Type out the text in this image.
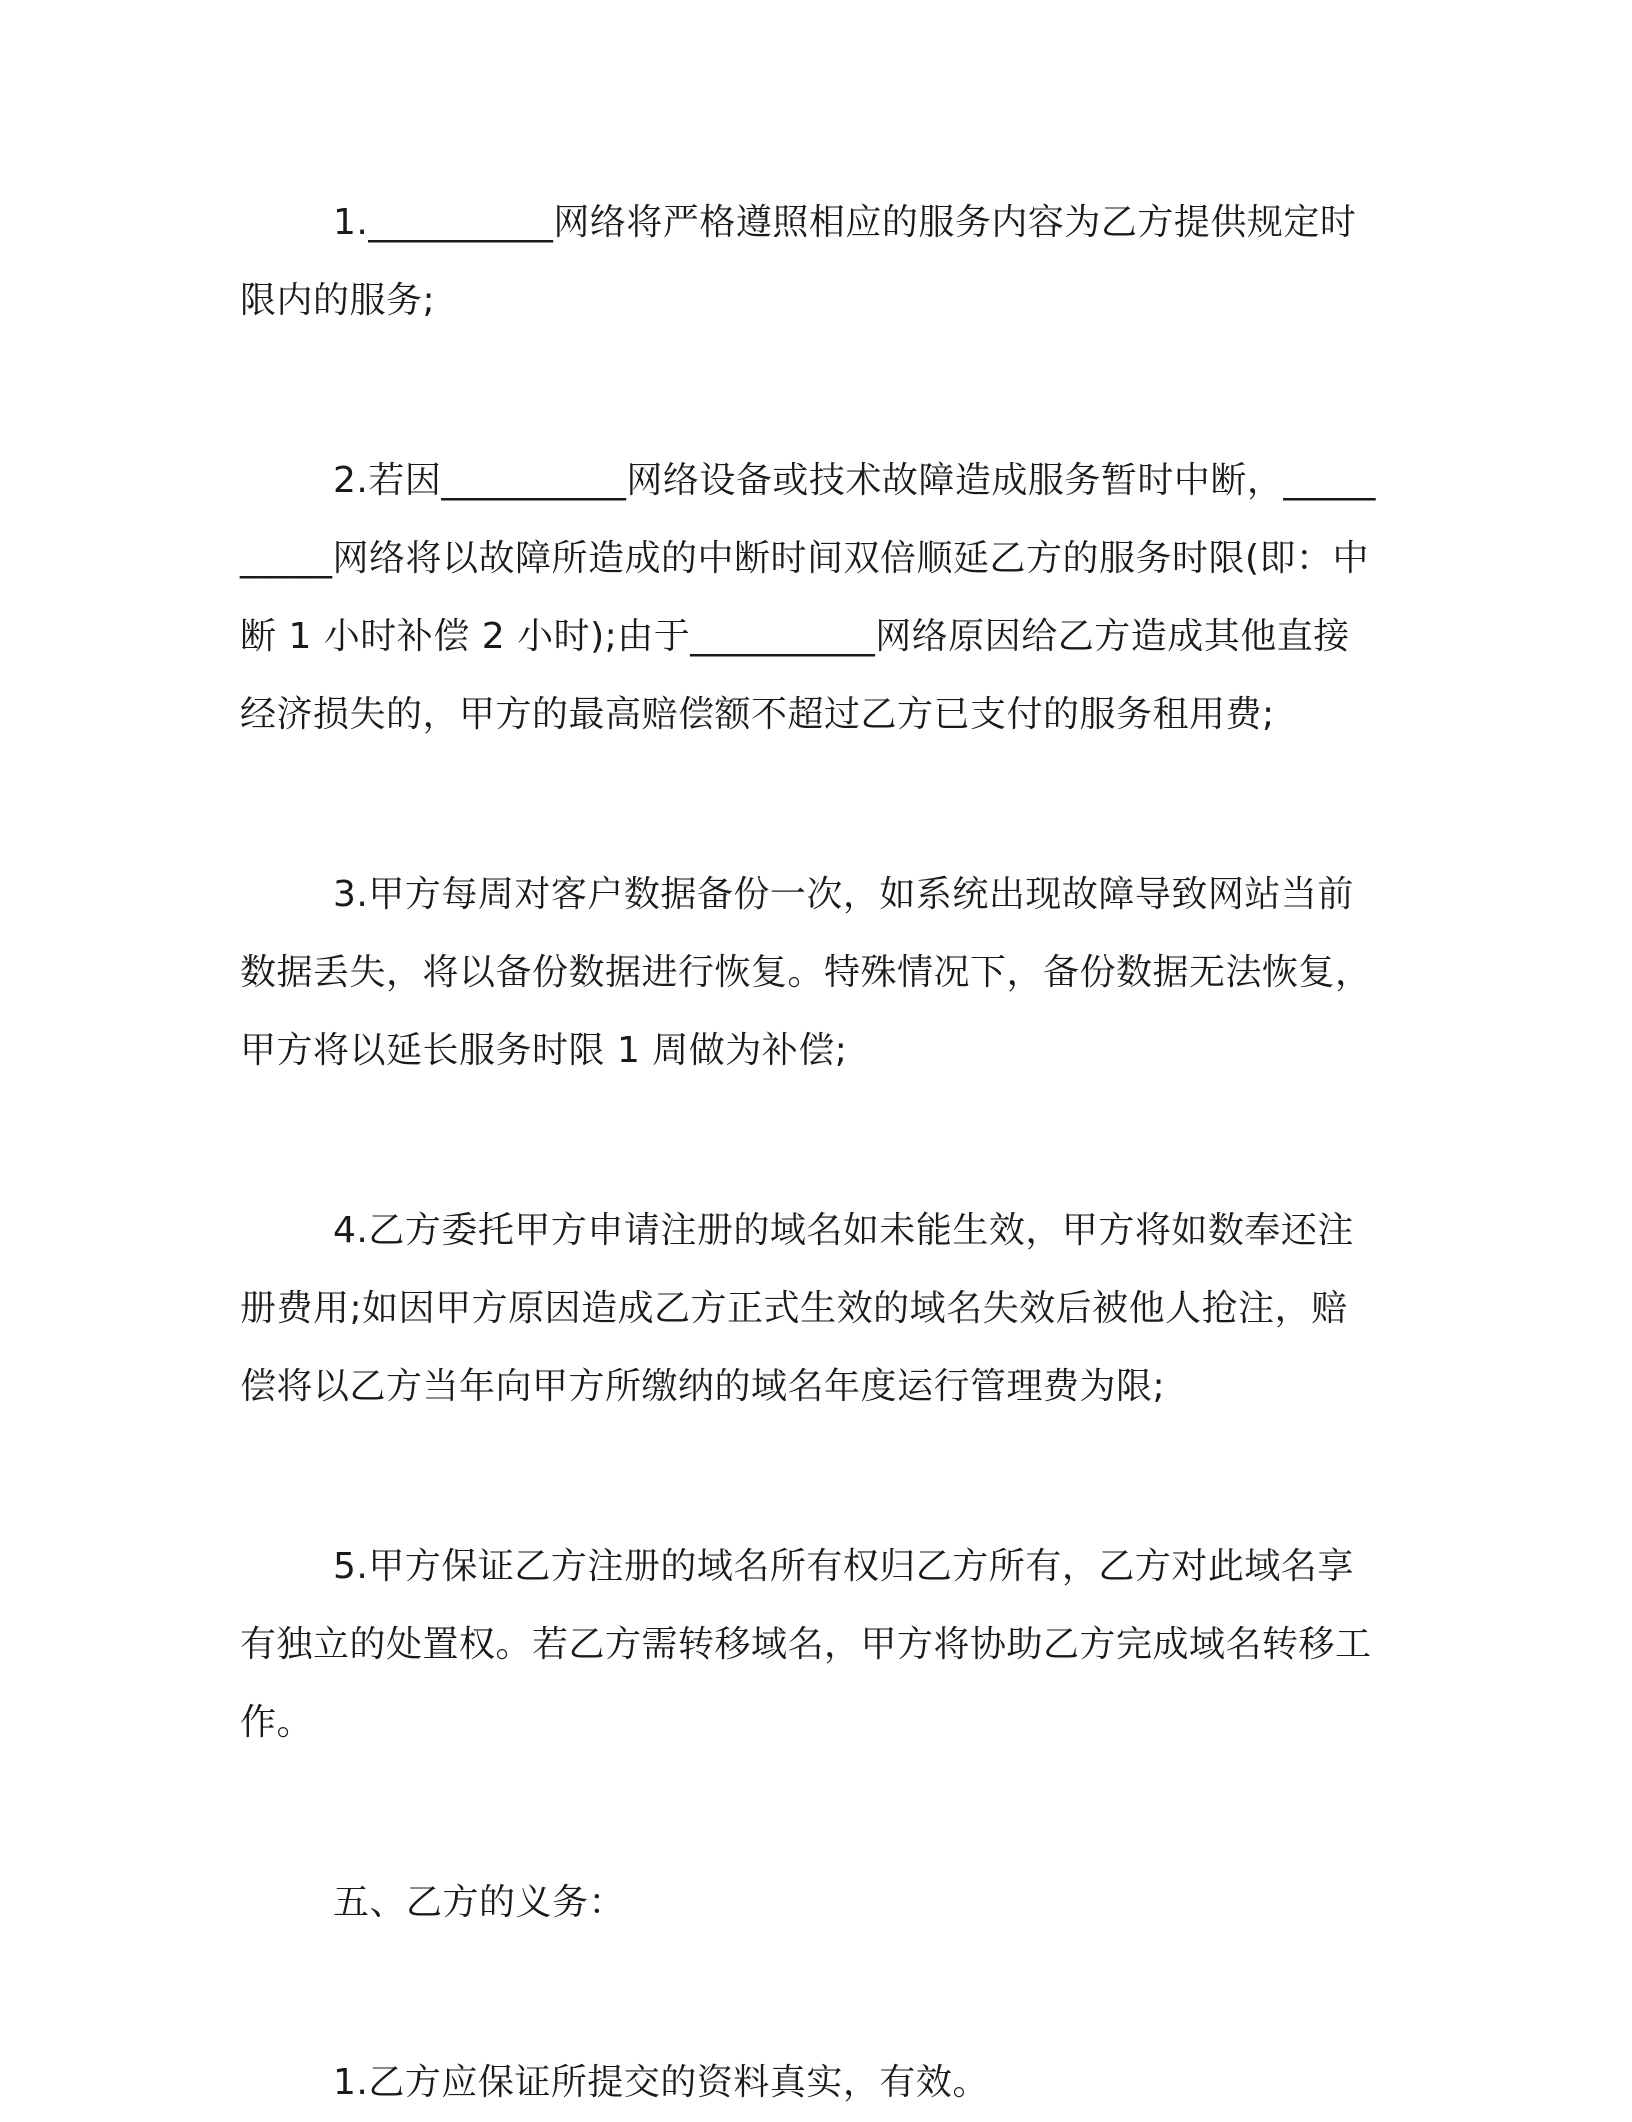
1.__________网络将严格遵照相应的服务内容为乙方提供规定时限内的服务;

2.若因__________网络设备或技术故障造成服务暂时中断，__________网络将以故障所造成的中断时间双倍顺延乙方的服务时限(即：中断 1 小时补偿 2 小时);由于__________网络原因给乙方造成其他直接经济损失的，甲方的最高赔偿额不超过乙方已支付的服务租用费;

3.甲方每周对客户数据备份一次，如系统出现故障导致网站当前数据丢失，将以备份数据进行恢复。特殊情况下，备份数据无法恢复，甲方将以延长服务时限 1 周做为补偿;

4.乙方委托甲方申请注册的域名如未能生效，甲方将如数奉还注册费用;如因甲方原因造成乙方正式生效的域名失效后被他人抢注，赔偿将以乙方当年向甲方所缴纳的域名年度运行管理费为限;

5.甲方保证乙方注册的域名所有权归乙方所有，乙方对此域名享有独立的处置权。若乙方需转移域名，甲方将协助乙方完成域名转移工作。

五、乙方的义务：

1.乙方应保证所提交的资料真实，有效。
